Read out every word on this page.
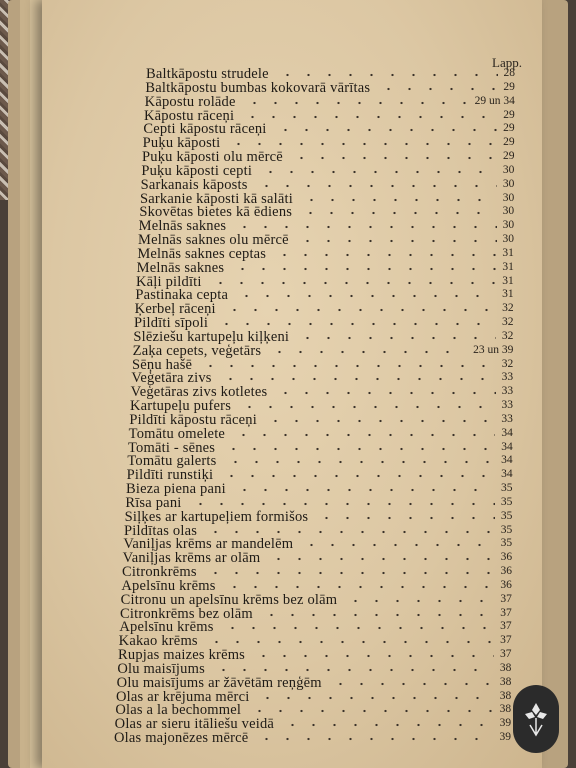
Lapp.
Baltkāpostu strudele	28
Baltkāpostu bumbas kokovarā vārītas	29
Kāpostu rolāde	29 un 34
Kāpostu rāceņi	29
Cepti kāpostu rāceņi	29
Puķu kāposti	29
Puķu kāposti olu mērcē	29
Puķu kāposti cepti	30
Sarkanais kāposts	30
Sarkanie kāposti kā salāti	30
Skovētas bietes kā ēdiens	30
Melnās saknes	30
Melnās saknes olu mērcē	30
Melnās saknes ceptas	31
Melnās saknes	31
Kāļi pildīti	31
Pastinaka cepta	31
Ķerbeļ rāceņi	32
Pildīti sīpoli	32
Slēziešu kartupeļu kiļķeni	32
Zaķa cepets, veģetārs	23 un 39
Sēņu hašē	32
Veģetāra zivs	33
Veģetāras zivs kotletes	33
Kartupeļu pufers	33
Pildīti kāpostu rāceņi	33
Tomātu omelete	34
Tomāti - sēnes	34
Tomātu galerts	34
Pildīti runstiķi	34
Bieza piena pani	35
Rīsa pani	35
Siļķes ar kartupeļiem formišos	35
Pildītas olas	35
Vaniļjas krēms ar mandelēm	35
Vaniļjas krēms ar olām	36
Citronkrēms	36
Apelsīnu krēms	36
Citronu un apelsīnu krēms bez olām	37
Citronkrēms bez olām	37
Apelsīnu krēms	37
Kakao krēms	37
Rupjas maizes krēms	37
Olu maisījums	38
Olu maisījums ar žāvētām reņģēm	38
Olas ar krējuma mērci	38
Olas a la bechommel	38
Olas ar sieru itāliešu veidā	39
Olas majonēzes mērcē	39
